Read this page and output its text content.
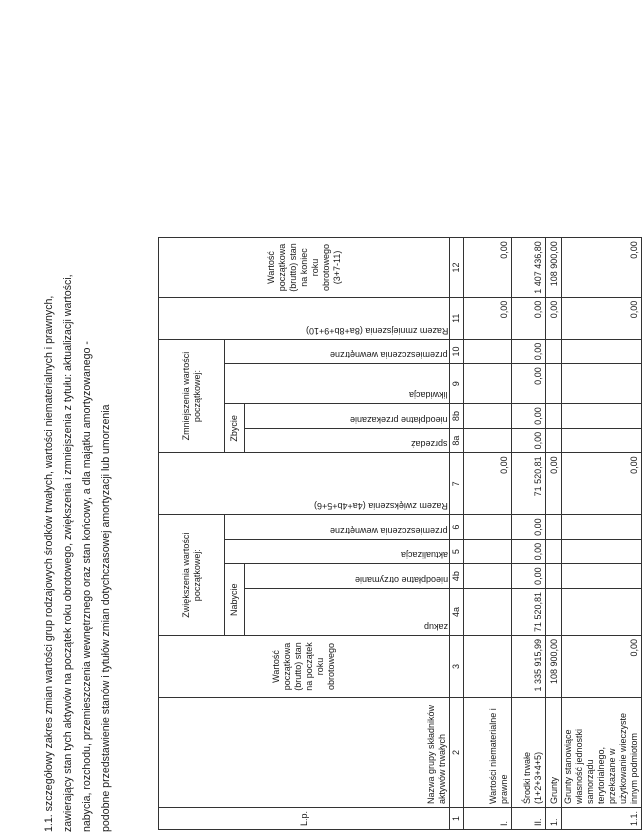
1.1. szczegółowy zakres zmian wartości grup rodzajowych środków trwałych, wartości niematerialnych i prawnych, zawierający stan tych aktywów na początek roku obrotowego, zwiększenia i zmniejszenia z tytułu: aktualizacji wartości, nabycia, rozchodu, przemieszczenia wewnętrznego oraz stan końcowy, a dla majątku amortyzowanego - podobne przedstawienie stanów i tytułów zmian dotychczasowej amortyzacji lub umorzenia	L.p.	Nazwa grupy składników aktywów trwałych	Wartość początkowa (brutto) stan na początek roku obrotowego	Zwiększenia wartości początkowej:				Razem zwiększenia (4a+4b+5+6)	Zmniejszenia wartości początkowej:				Razem zmniejszenia (8a+8b+9+10)	Wartość początkowa (brutto) stan na koniec roku obrotowego (3+7-11)
			Nabycie		aktualizacja	przemieszczenia wewnętrzne		Zbycie		likwidacja	przemieszczenia wewnętrzne		

			zakup	nieodpłatne otrzymanie				sprzedaż	nieodpłatne przekazanie				

1	2	3	4a	4b	5	6	7	8a	8b	9	10	11	12
I.	Wartości niematerialne i prawne						0,00					0,00	0,00
II.	Środki trwałe (1+2+3+4+5)	1 335 915,99	71 520,81	0,00	0,00	0,00	71 520,81	0,00	0,00	0,00	0,00	0,00	1 407 436,80
1.	Grunty	108 900,00					0,00					0,00	108 900,00
1.1.	Grunty stanowiące własność jednostki samorządu terytorialnego, przekazane w użytkowanie wieczyste innym podmiotom	0,00					0,00					0,00	0,00
